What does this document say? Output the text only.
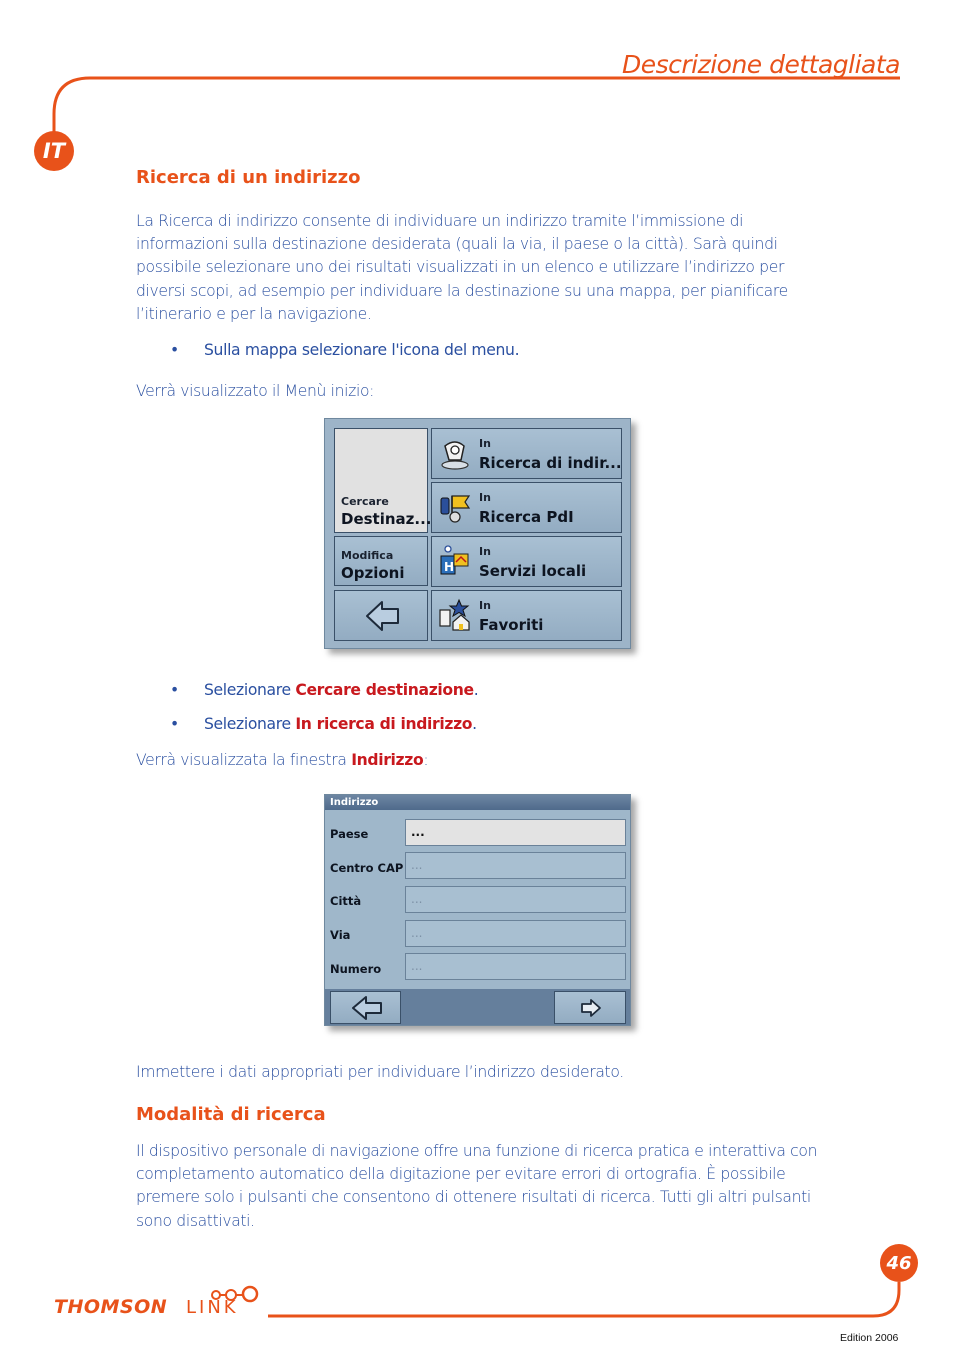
Descrizione dettagliata
IT
Ricerca di un indirizzo
La Ricerca di indirizzo consente di individuare un indirizzo tramite l’immissione di informazioni sulla destinazione desiderata (quali la via, il paese o la città). Sarà quindi possibile selezionare uno dei risultati visualizzati in un elenco e utilizzare l’indirizzo per diversi scopi, ad esempio per individuare la destinazione su una mappa, per pianificare l’itinerario e per la navigazione.
• Sulla mappa selezionare l'icona del menu.
Verrà visualizzato il Menù inizio:
Cercare
Destinaz...
Modifica
Opzioni
In
Ricerca di indir...
In
Ricerca PdI
H
In
Servizi locali
In
Favoriti
• Selezionare Cercare destinazione.
• Selezionare In ricerca di indirizzo.
Verrà visualizzata la finestra Indirizzo:
Indirizzo
Paese	...
Centro CAP ...
Città	...
Via	...
Numero	...
Immettere i dati appropriati per individuare l’indirizzo desiderato.
Modalità di ricerca
Il dispositivo personale di navigazione offre una funzione di ricerca pratica e interattiva con completamento automatico della digitazione per evitare errori di ortografia. È possibile premere solo i pulsanti che consentono di ottenere risultati di ricerca. Tutti gli altri pulsanti sono disattivati.
46
THOMSON LINK
Edition 2006
